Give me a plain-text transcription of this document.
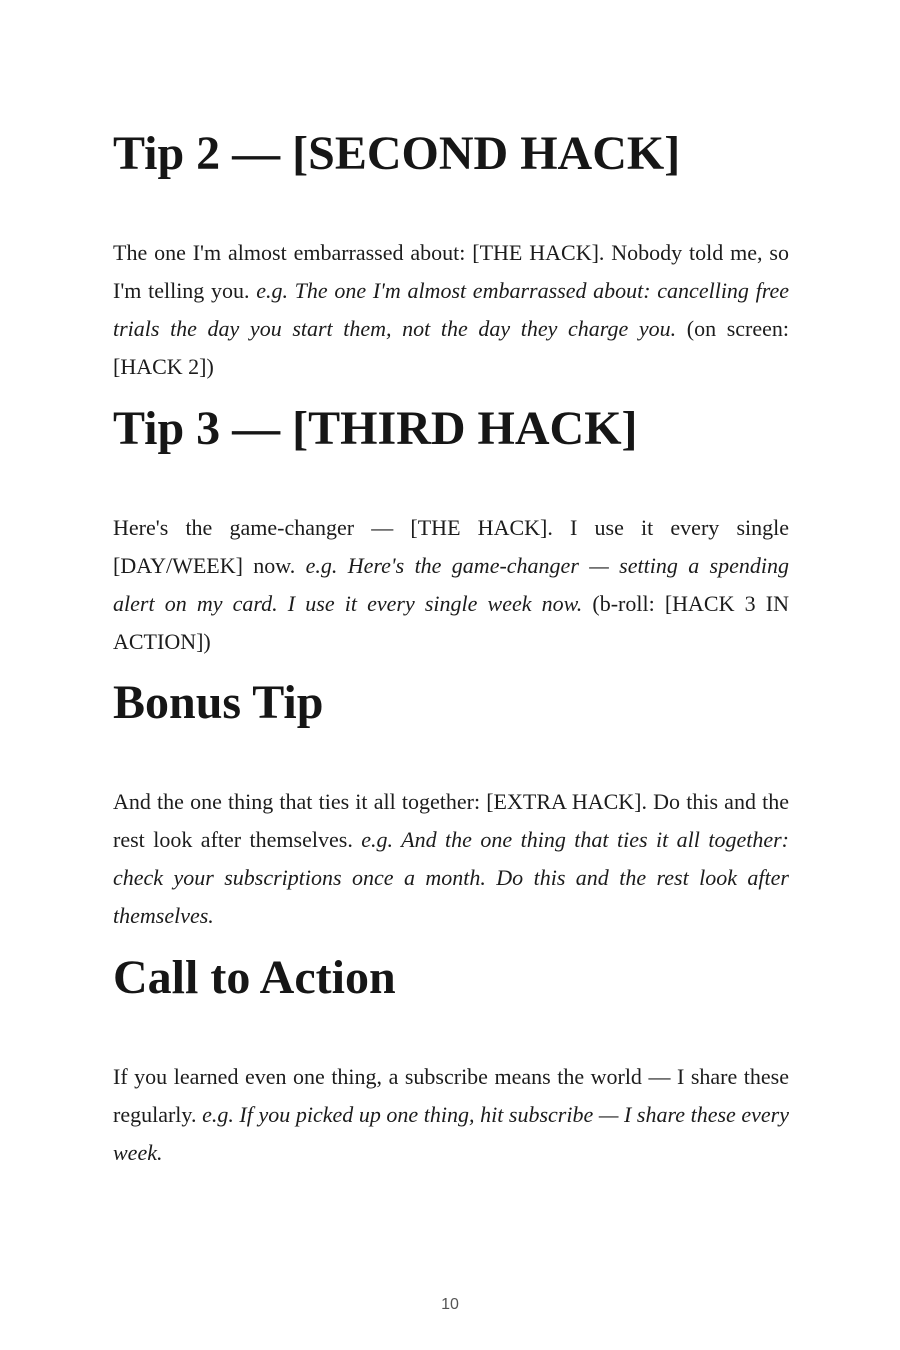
Tip 2 — [SECOND HACK]

The one I'm almost embarrassed about: [THE HACK]. Nobody told me, so I'm telling you. e.g. The one I'm almost embarrassed about: cancelling free trials the day you start them, not the day they charge you. (on screen: [HACK 2])

Tip 3 — [THIRD HACK]

Here's the game-changer — [THE HACK]. I use it every single [DAY/WEEK] now. e.g. Here's the game-changer — setting a spending alert on my card. I use it every single week now. (b-roll: [HACK 3 IN ACTION])

Bonus Tip

And the one thing that ties it all together: [EXTRA HACK]. Do this and the rest look after themselves. e.g. And the one thing that ties it all together: check your subscriptions once a month. Do this and the rest look after themselves.

Call to Action

If you learned even one thing, a subscribe means the world — I share these regularly. e.g. If you picked up one thing, hit subscribe — I share these every week.

10
